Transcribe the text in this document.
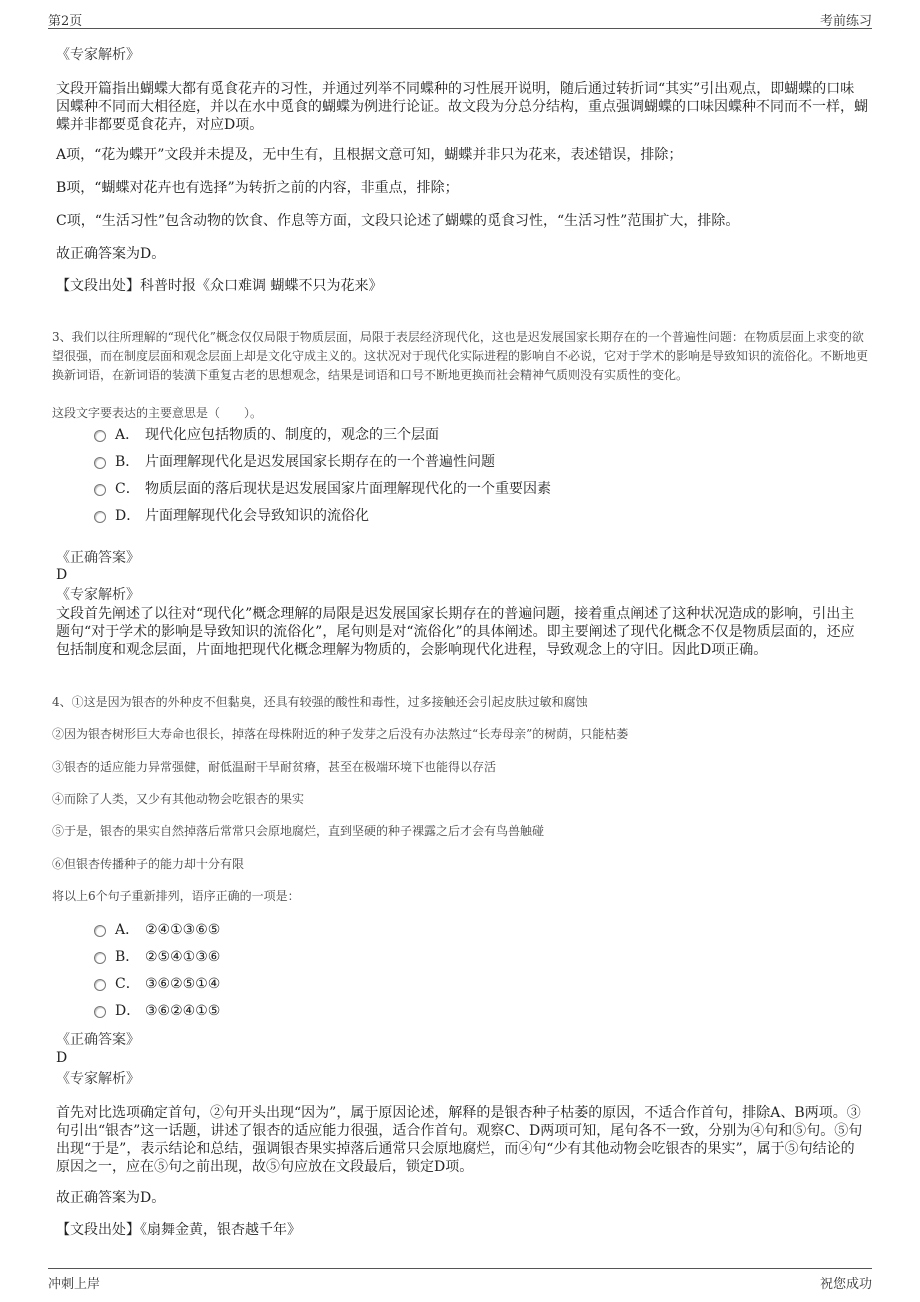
第2页	考前练习
《专家解析》
文段开篇指出蝴蝶大都有觅食花卉的习性，并通过列举不同蝶种的习性展开说明，随后通过转折词“其实”引出观点，即蝴蝶的口味因蝶种不同而大相径庭，并以在水中觅食的蝴蝶为例进行论证。故文段为分总分结构，重点强调蝴蝶的口味因蝶种不同而不一样，蝴蝶并非都要觅食花卉，对应D项。
A项，“花为蝶开”文段并未提及，无中生有，且根据文意可知，蝴蝶并非只为花来，表述错误，排除；
B项，“蝴蝶对花卉也有选择”为转折之前的内容，非重点，排除；
C项，“生活习性”包含动物的饮食、作息等方面，文段只论述了蝴蝶的觅食习性，“生活习性”范围扩大，排除。
故正确答案为D。
【文段出处】科普时报《众口难调 蝴蝶不只为花来》
3、我们以往所理解的“现代化”概念仅仅局限于物质层面，局限于表层经济现代化，这也是迟发展国家长期存在的一个普遍性问题：在物质层面上求变的欲望很强，而在制度层面和观念层面上却是文化守成主义的。这状况对于现代化实际进程的影响自不必说，它对于学术的影响是导致知识的流俗化。不断地更换新词语，在新词语的装潢下重复古老的思想观念，结果是词语和口号不断地更换而社会精神气质则没有实质性的变化。
这段文字要表达的主要意思是（　　）。
A． 现代化应包括物质的、制度的，观念的三个层面
B． 片面理解现代化是迟发展国家长期存在的一个普遍性问题
C． 物质层面的落后现状是迟发展国家片面理解现代化的一个重要因素
D． 片面理解现代化会导致知识的流俗化
《正确答案》
D
《专家解析》
文段首先阐述了以往对“现代化”概念理解的局限是迟发展国家长期存在的普遍问题，接着重点阐述了这种状况造成的影响，引出主题句“对于学术的影响是导致知识的流俗化”，尾句则是对“流俗化”的具体阐述。即主要阐述了现代化概念不仅是物质层面的，还应包括制度和观念层面，片面地把现代化概念理解为物质的，会影响现代化进程，导致观念上的守旧。因此D项正确。
4、①这是因为银杏的外种皮不但黏臭，还具有较强的酸性和毒性，过多接触还会引起皮肤过敏和腐蚀
②因为银杏树形巨大寿命也很长，掉落在母株附近的种子发芽之后没有办法熬过“长寿母亲”的树荫，只能枯萎
③银杏的适应能力异常强健，耐低温耐干旱耐贫瘠，甚至在极端环境下也能得以存活
④而除了人类，又少有其他动物会吃银杏的果实
⑤于是，银杏的果实自然掉落后常常只会原地腐烂，直到坚硬的种子裸露之后才会有鸟兽触碰
⑥但银杏传播种子的能力却十分有限
将以上6个句子重新排列，语序正确的一项是：
A． ②④①③⑥⑤
B． ②⑤④①③⑥
C． ③⑥②⑤①④
D． ③⑥②④①⑤
《正确答案》
D
《专家解析》
首先对比选项确定首句，②句开头出现“因为”，属于原因论述，解释的是银杏种子枯萎的原因，不适合作首句，排除A、B两项。③句引出“银杏”这一话题，讲述了银杏的适应能力很强，适合作首句。观察C、D两项可知，尾句各不一致，分别为④句和⑤句。⑤句出现“于是”，表示结论和总结，强调银杏果实掉落后通常只会原地腐烂，而④句“少有其他动物会吃银杏的果实”，属于⑤句结论的原因之一，应在⑤句之前出现，故⑤句应放在文段最后，锁定D项。
故正确答案为D。
【文段出处】《扇舞金黄，银杏越千年》
冲刺上岸	祝您成功
